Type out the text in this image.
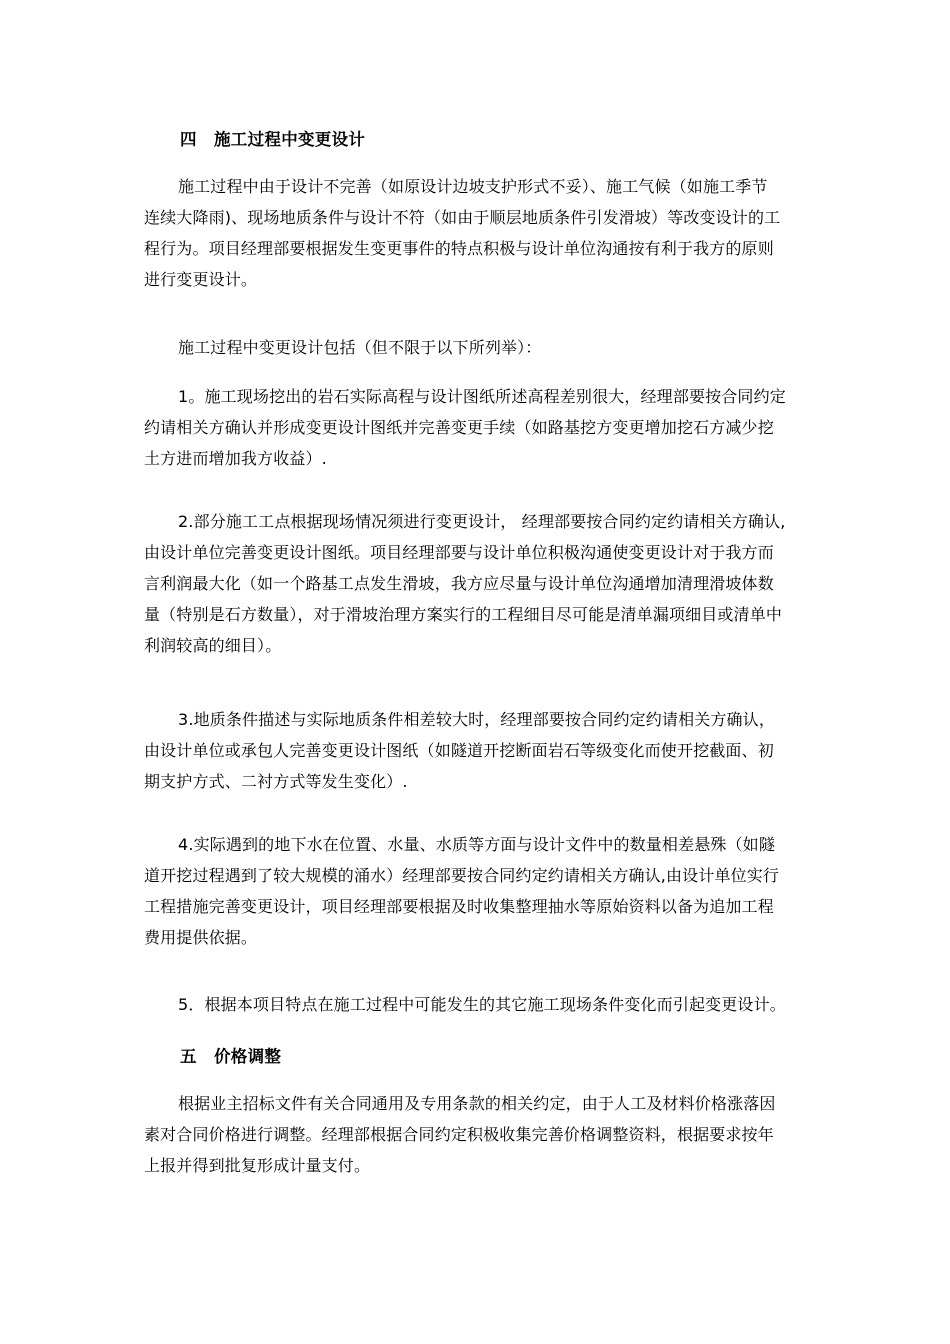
四 施工过程中变更设计
施工过程中由于设计不完善（如原设计边坡支护形式不妥）、施工气候（如施工季节
连续大降雨)、现场地质条件与设计不符（如由于顺层地质条件引发滑坡）等改变设计的工
程行为。项目经理部要根据发生变更事件的特点积极与设计单位沟通按有利于我方的原则
进行变更设计。
施工过程中变更设计包括（但不限于以下所列举）：
1。施工现场挖出的岩石实际高程与设计图纸所述高程差别很大，经理部要按合同约定
约请相关方确认并形成变更设计图纸并完善变更手续（如路基挖方变更增加挖石方减少挖
土方进而增加我方收益）.
2.部分施工工点根据现场情况须进行变更设计， 经理部要按合同约定约请相关方确认,
由设计单位完善变更设计图纸。项目经理部要与设计单位积极沟通使变更设计对于我方而
言利润最大化（如一个路基工点发生滑坡，我方应尽量与设计单位沟通增加清理滑坡体数
量（特别是石方数量），对于滑坡治理方案实行的工程细目尽可能是清单漏项细目或清单中
利润较高的细目）。
3.地质条件描述与实际地质条件相差较大时，经理部要按合同约定约请相关方确认，
由设计单位或承包人完善变更设计图纸（如隧道开挖断面岩石等级变化而使开挖截面、初
期支护方式、二衬方式等发生变化）.
4.实际遇到的地下水在位置、水量、水质等方面与设计文件中的数量相差悬殊（如隧
道开挖过程遇到了较大规模的涌水）经理部要按合同约定约请相关方确认,由设计单位实行
工程措施完善变更设计，项目经理部要根据及时收集整理抽水等原始资料以备为追加工程
费用提供依据。
5．根据本项目特点在施工过程中可能发生的其它施工现场条件变化而引起变更设计。
五 价格调整
根据业主招标文件有关合同通用及专用条款的相关约定，由于人工及材料价格涨落因
素对合同价格进行调整。经理部根据合同约定积极收集完善价格调整资料，根据要求按年
上报并得到批复形成计量支付。
